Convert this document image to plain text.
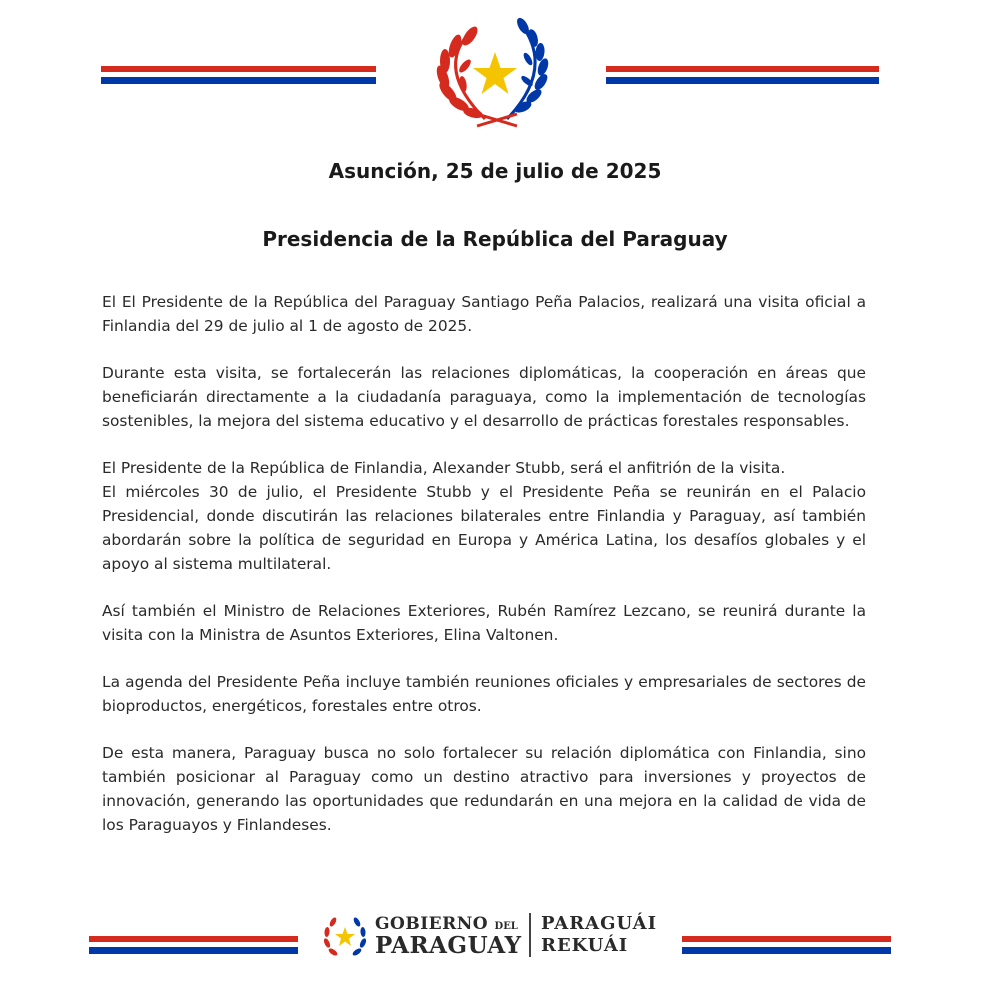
Asunción, 25 de julio de 2025
Presidencia de la República del Paraguay

El El Presidente de la República del Paraguay Santiago Peña Palacios, realizará una visita oficial a Finlandia del 29 de julio al 1 de agosto de 2025.

Durante esta visita, se fortalecerán las relaciones diplomáticas, la cooperación en áreas que beneficiarán directamente a la ciudadanía paraguaya, como la implementación de tecnologías sostenibles, la mejora del sistema educativo y el desarrollo de prácticas forestales responsables.

El Presidente de la República de Finlandia, Alexander Stubb, será el anfitrión de la visita.
El miércoles 30 de julio, el Presidente Stubb y el Presidente Peña se reunirán en el Palacio Presidencial, donde discutirán las relaciones bilaterales entre Finlandia y Paraguay, así también abordarán sobre la política de seguridad en Europa y América Latina, los desafíos globales y el apoyo al sistema multilateral.

Así también el Ministro de Relaciones Exteriores, Rubén Ramírez Lezcano, se reunirá durante la visita con la Ministra de Asuntos Exteriores, Elina Valtonen.

La agenda del Presidente Peña incluye también reuniones oficiales y empresariales de sectores de bioproductos, energéticos, forestales entre otros.

De esta manera, Paraguay busca no solo fortalecer su relación diplomática con Finlandia, sino también posicionar al Paraguay como un destino atractivo para inversiones y proyectos de innovación, generando las oportunidades que redundarán en una mejora en la calidad de vida de los Paraguayos y Finlandeses.

GOBIERNO DEL
PARAGUAY
PARAGUÁI
REKUÁI
